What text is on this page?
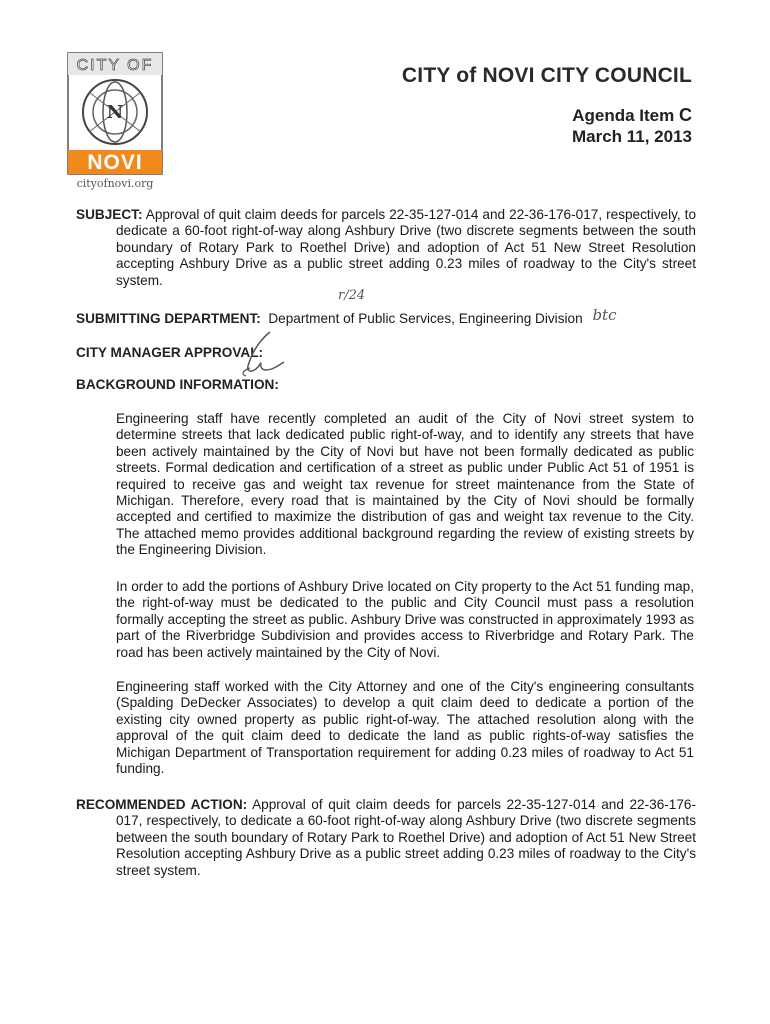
CITY OF
N
NOVI
cityofnovi.org
CITY of NOVI CITY COUNCIL
Agenda Item C
March 11, 2013
SUBJECT: Approval of quit claim deeds for parcels 22-35-127-014 and 22-36-176-017, respectively, to dedicate a 60-foot right-of-way along Ashbury Drive (two discrete segments between the south boundary of Rotary Park to Roethel Drive) and adoption of Act 51 New Street Resolution accepting Ashbury Drive as a public street adding 0.23 miles of roadway to the City's street system.
r/24
SUBMITTING DEPARTMENT: Department of Public Services, Engineering Division btc
CITY MANAGER APPROVAL:
BACKGROUND INFORMATION:
Engineering staff have recently completed an audit of the City of Novi street system to determine streets that lack dedicated public right-of-way, and to identify any streets that have been actively maintained by the City of Novi but have not been formally dedicated as public streets. Formal dedication and certification of a street as public under Public Act 51 of 1951 is required to receive gas and weight tax revenue for street maintenance from the State of Michigan. Therefore, every road that is maintained by the City of Novi should be formally accepted and certified to maximize the distribution of gas and weight tax revenue to the City. The attached memo provides additional background regarding the review of existing streets by the Engineering Division.
In order to add the portions of Ashbury Drive located on City property to the Act 51 funding map, the right-of-way must be dedicated to the public and City Council must pass a resolution formally accepting the street as public. Ashbury Drive was constructed in approximately 1993 as part of the Riverbridge Subdivision and provides access to Riverbridge and Rotary Park. The road has been actively maintained by the City of Novi.
Engineering staff worked with the City Attorney and one of the City's engineering consultants (Spalding DeDecker Associates) to develop a quit claim deed to dedicate a portion of the existing city owned property as public right-of-way. The attached resolution along with the approval of the quit claim deed to dedicate the land as public rights-of-way satisfies the Michigan Department of Transportation requirement for adding 0.23 miles of roadway to Act 51 funding.
RECOMMENDED ACTION: Approval of quit claim deeds for parcels 22-35-127-014 and 22-36-176-017, respectively, to dedicate a 60-foot right-of-way along Ashbury Drive (two discrete segments between the south boundary of Rotary Park to Roethel Drive) and adoption of Act 51 New Street Resolution accepting Ashbury Drive as a public street adding 0.23 miles of roadway to the City's street system.
